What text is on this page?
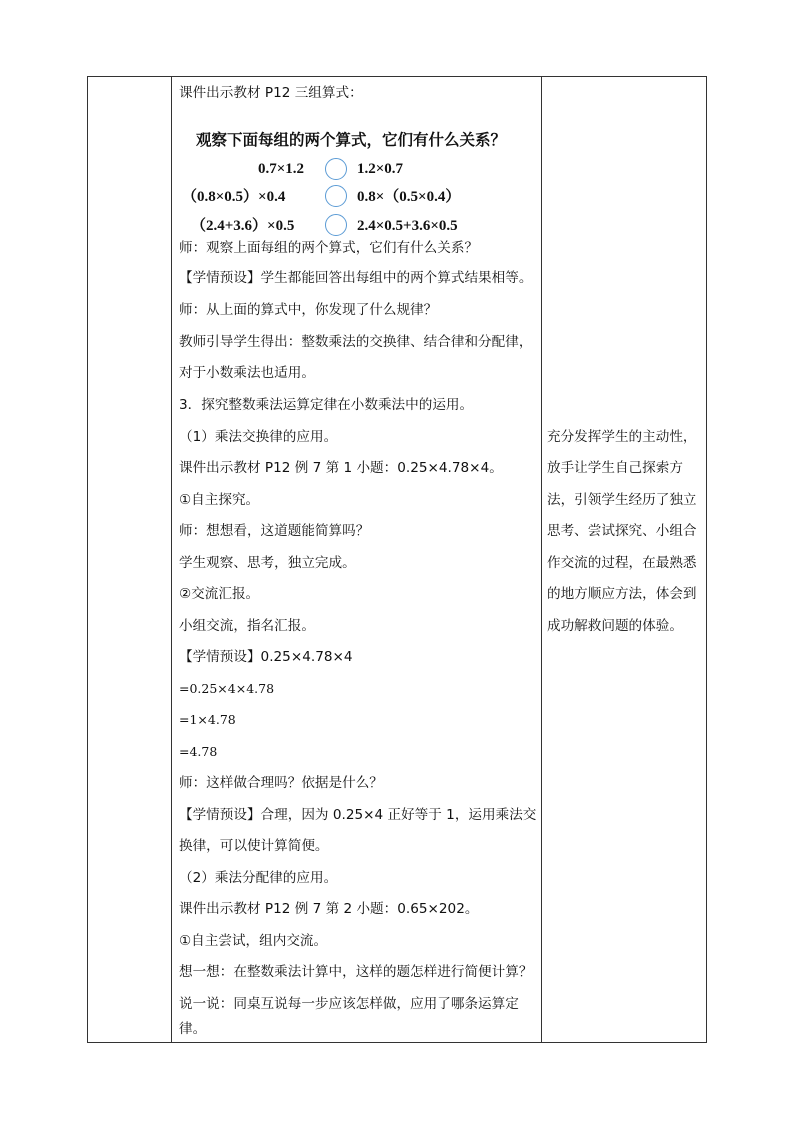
课件出示教材 P12 三组算式：
观察下面每组的两个算式，它们有什么关系？
0.7×1.2	1.2×0.7
（0.8×0.5）×0.4	0.8×（0.5×0.4）
（2.4+3.6）×0.5	2.4×0.5+3.6×0.5
师：观察上面每组的两个算式，它们有什么关系？
【学情预设】学生都能回答出每组中的两个算式结果相等。
师：从上面的算式中，你发现了什么规律？
教师引导学生得出：整数乘法的交换律、结合律和分配律，
对于小数乘法也适用。
3．探究整数乘法运算定律在小数乘法中的运用。
（1）乘法交换律的应用。
课件出示教材 P12 例 7 第 1 小题：0.25×4.78×4。
①自主探究。
师：想想看，这道题能简算吗？
学生观察、思考，独立完成。
②交流汇报。
小组交流，指名汇报。
【学情预设】0.25×4.78×4
=0.25×4×4.78
=1×4.78
=4.78
师：这样做合理吗？依据是什么？
【学情预设】合理，因为 0.25×4 正好等于 1，运用乘法交
换律，可以使计算简便。
（2）乘法分配律的应用。
课件出示教材 P12 例 7 第 2 小题：0.65×202。
①自主尝试，组内交流。
想一想：在整数乘法计算中，这样的题怎样进行简便计算？
说一说：同桌互说每一步应该怎样做，应用了哪条运算定
律。
充分发挥学生的主动性，
放手让学生自己探索方
法，引领学生经历了独立
思考、尝试探究、小组合
作交流的过程，在最熟悉
的地方顺应方法，体会到
成功解救问题的体验。
